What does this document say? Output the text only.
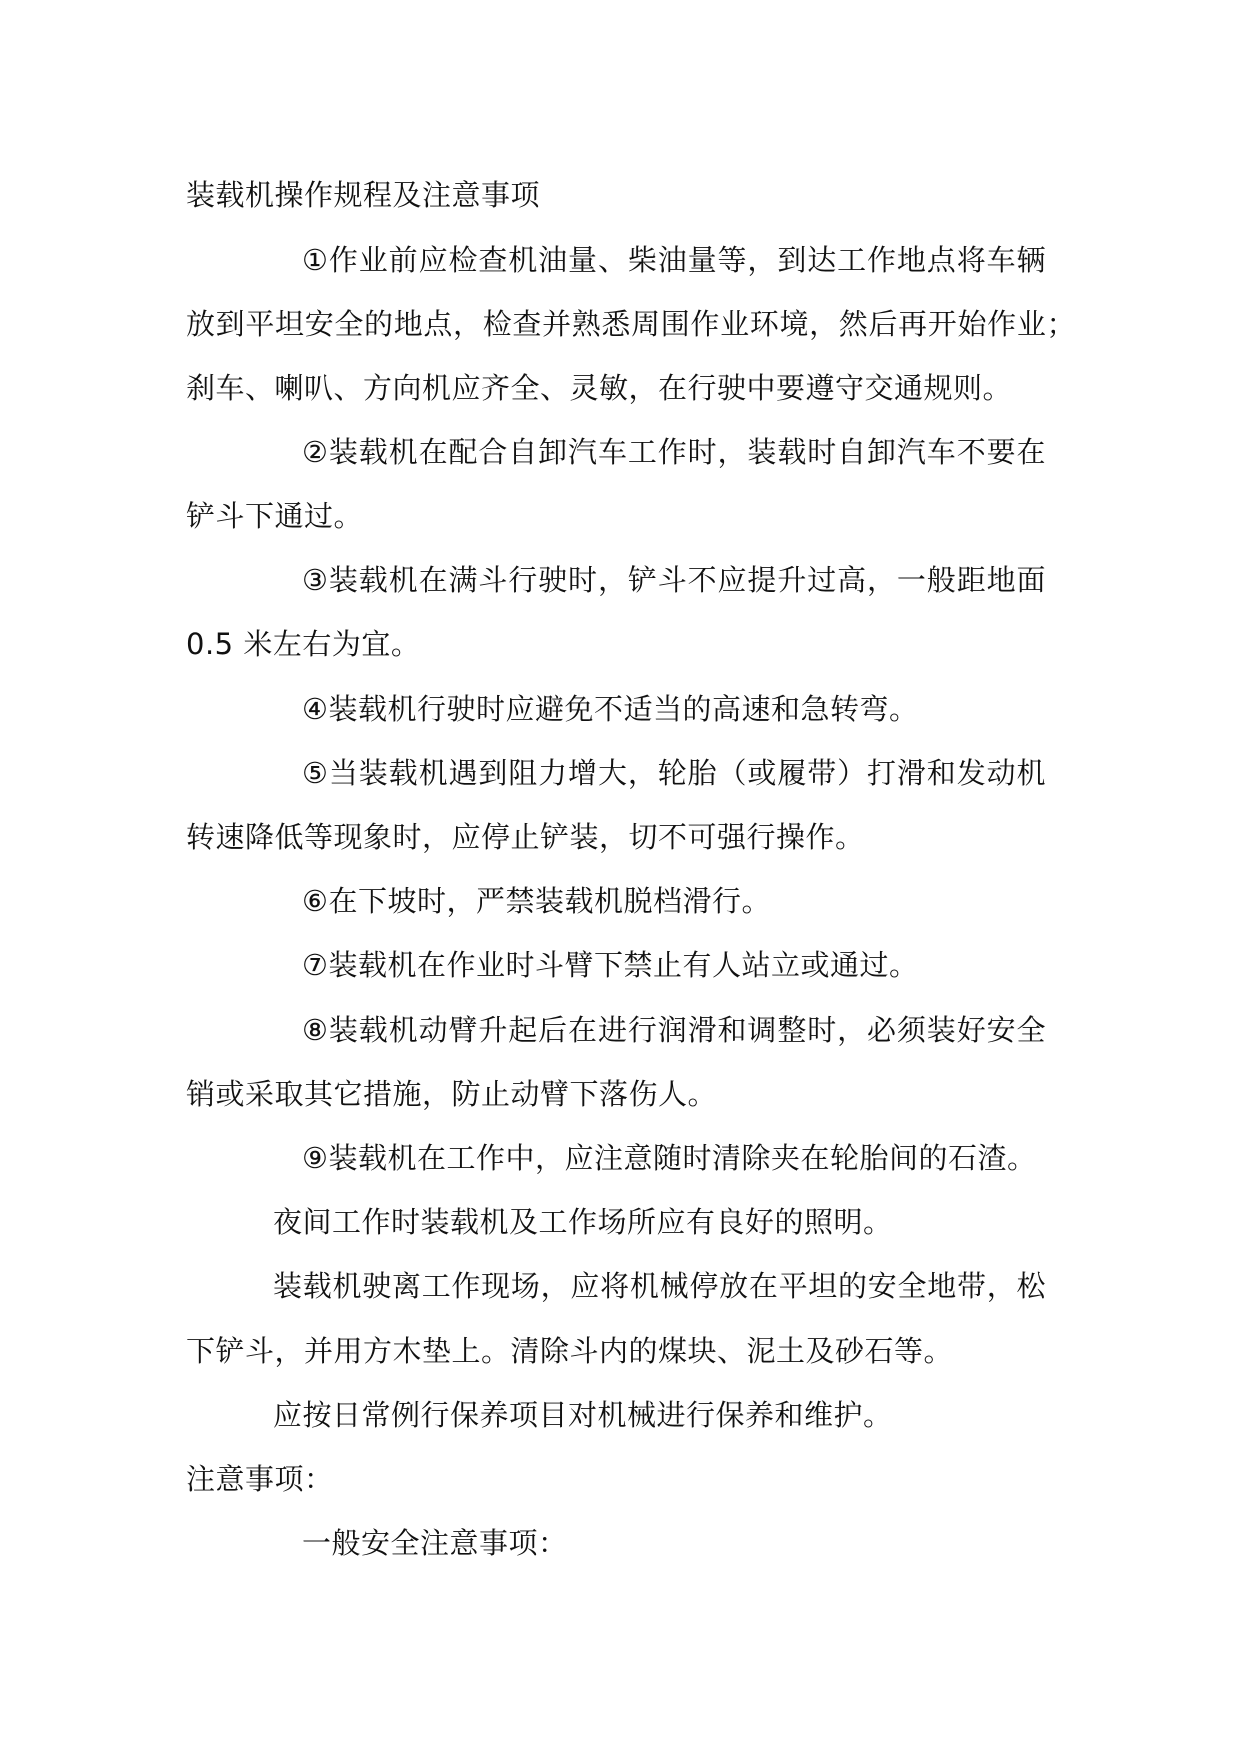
装载机操作规程及注意事项
①作业前应检查机油量、柴油量等，到达工作地点将车辆
放到平坦安全的地点，检查并熟悉周围作业环境，然后再开始作业；
刹车、喇叭、方向机应齐全、灵敏，在行驶中要遵守交通规则。
②装载机在配合自卸汽车工作时，装载时自卸汽车不要在
铲斗下通过。
③装载机在满斗行驶时，铲斗不应提升过高，一般距地面
0.5 米左右为宜。
④装载机行驶时应避免不适当的高速和急转弯。
⑤当装载机遇到阻力增大，轮胎（或履带）打滑和发动机
转速降低等现象时，应停止铲装，切不可强行操作。
⑥在下坡时，严禁装载机脱档滑行。
⑦装载机在作业时斗臂下禁止有人站立或通过。
⑧装载机动臂升起后在进行润滑和调整时，必须装好安全
销或采取其它措施，防止动臂下落伤人。
⑨装载机在工作中，应注意随时清除夹在轮胎间的石渣。
夜间工作时装载机及工作场所应有良好的照明。
装载机驶离工作现场，应将机械停放在平坦的安全地带，松
下铲斗，并用方木垫上。清除斗内的煤块、泥土及砂石等。
应按日常例行保养项目对机械进行保养和维护。
注意事项：
一般安全注意事项：
